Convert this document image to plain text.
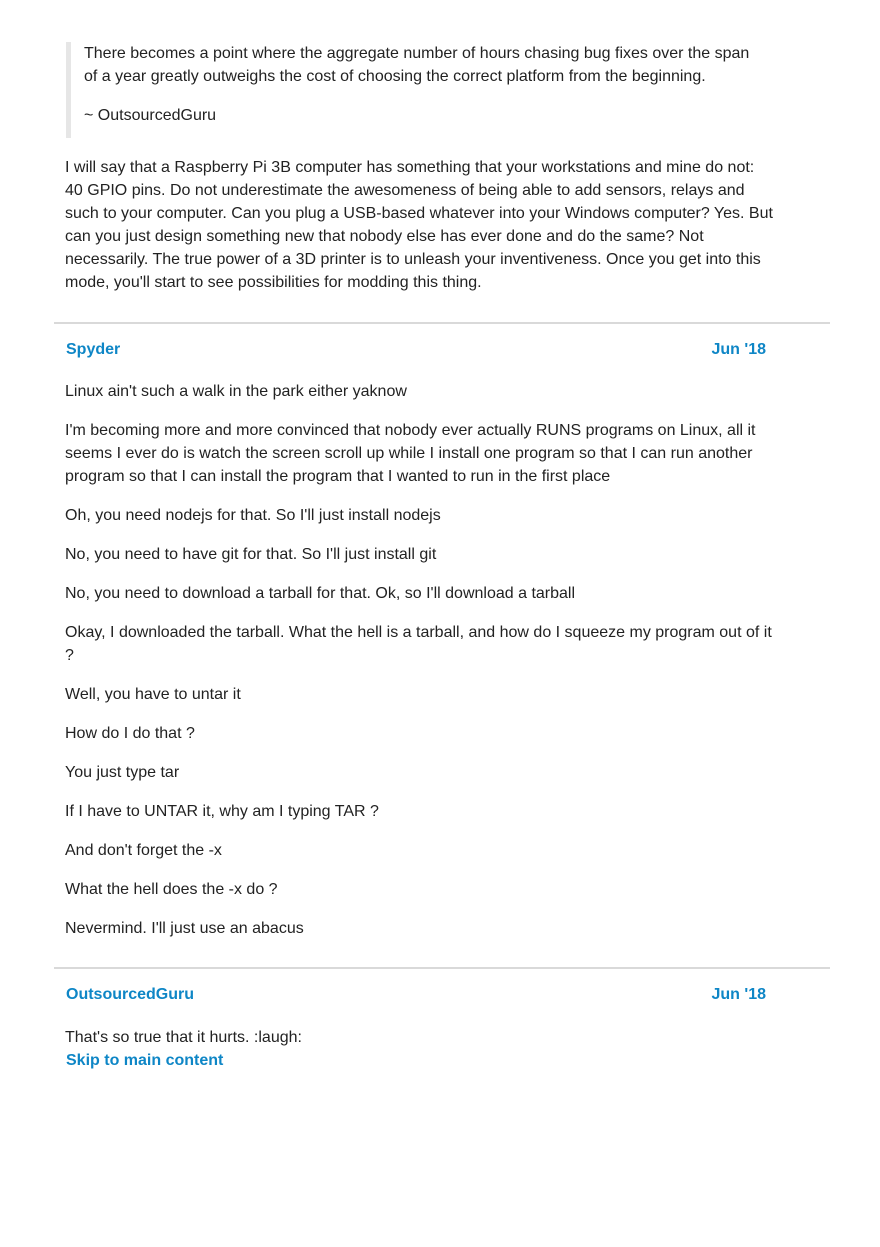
There becomes a point where the aggregate number of hours chasing bug fixes over the span of a year greatly outweighs the cost of choosing the correct platform from the beginning.

~ OutsourcedGuru

I will say that a Raspberry Pi 3B computer has something that your workstations and mine do not: 40 GPIO pins. Do not underestimate the awesomeness of being able to add sensors, relays and such to your computer. Can you plug a USB-based whatever into your Windows computer? Yes. But can you just design something new that nobody else has ever done and do the same? Not necessarily. The true power of a 3D printer is to unleash your inventiveness. Once you get into this mode, you'll start to see possibilities for modding this thing.

Spyder	Jun '18

Linux ain't such a walk in the park either yaknow

I'm becoming more and more convinced that nobody ever actually RUNS programs on Linux, all it seems I ever do is watch the screen scroll up while I install one program so that I can run another program so that I can install the program that I wanted to run in the first place

Oh, you need nodejs for that. So I'll just install nodejs

No, you need to have git for that. So I'll just install git

No, you need to download a tarball for that. Ok, so I'll download a tarball

Okay, I downloaded the tarball. What the hell is a tarball, and how do I squeeze my program out of it ?

Well, you have to untar it

How do I do that ?

You just type tar

If I have to UNTAR it, why am I typing TAR ?

And don't forget the -x

What the hell does the -x do ?

Nevermind. I'll just use an abacus

OutsourcedGuru	Jun '18

That's so true that it hurts. :laugh:

Skip to main content
